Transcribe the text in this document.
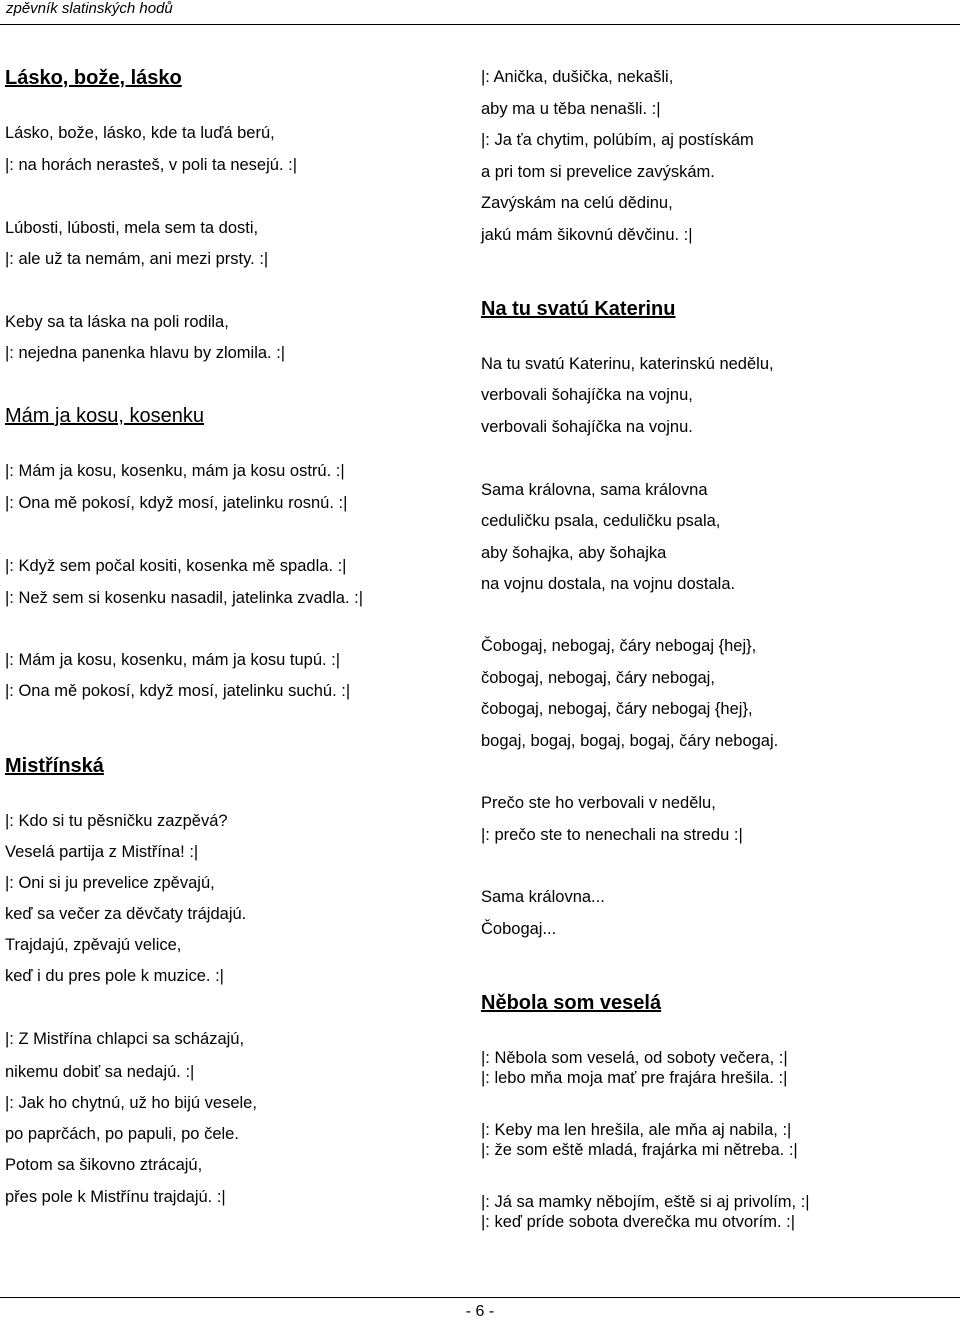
zpěvník slatinských hodů
Lásko, bože, lásko
Lásko, bože, lásko, kde ta luďá berú,
|: na horách nerasteš, v poli ta nesejú. :|
Lúbosti, lúbosti, mela sem ta dosti,
|: ale už ta nemám, ani mezi prsty. :|
Keby sa ta láska na poli rodila,
|: nejedna panenka hlavu by zlomila. :|
Mám ja kosu, kosenku
|: Mám ja kosu, kosenku, mám ja kosu ostrú. :|
|: Ona mě pokosí, když mosí, jatelinku rosnú. :|
|: Když sem počal kositi, kosenka mě spadla. :|
|: Než sem si kosenku nasadil, jatelinka zvadla. :|
|: Mám ja kosu, kosenku, mám ja kosu tupú. :|
|: Ona mě pokosí, když mosí, jatelinku suchú. :|
Mistřínská
|: Kdo si tu pěsničku zazpěvá?
Veselá partija z Mistřína! :|
|: Oni si ju prevelice zpěvajú,
keď sa večer za děvčaty trájdajú.
Trajdajú, zpěvajú velice,
keď i du pres pole k muzice. :|
|: Z Mistřína chlapci sa scházajú,
nikemu dobiť sa nedajú. :|
|: Jak ho chytnú, už ho bijú vesele,
po paprčách, po papuli, po čele.
Potom sa šikovno ztrácajú,
přes pole k Mistřínu trajdajú. :|
|: Anička, dušička, nekašli,
aby ma u těba nenašli. :|
|: Ja ťa chytim, polúbím, aj postískám
a pri tom si prevelice zavýskám.
Zavýskám na celú dědinu,
jakú mám šikovnú děvčinu. :|
Na tu svatú Katerinu
Na tu svatú Katerinu, katerinskú nedělu,
verbovali šohajíčka na vojnu,
verbovali šohajíčka na vojnu.
Sama královna, sama královna
ceduličku psala, ceduličku psala,
aby šohajka, aby šohajka
na vojnu dostala, na vojnu dostala.
Čobogaj, nebogaj, čáry nebogaj {hej},
čobogaj, nebogaj, čáry nebogaj,
čobogaj, nebogaj, čáry nebogaj {hej},
bogaj, bogaj, bogaj, bogaj, čáry nebogaj.
Prečo ste ho verbovali v nedělu,
|: prečo ste to nenechali na stredu :|
Sama královna...
Čobogaj...
Něbola som veselá
|: Něbola som veselá, od soboty večera, :|
|: lebo mňa moja mať pre frajára hrešila. :|
|: Keby ma len hrešila, ale mňa aj nabila, :|
|: že som eště mladá, frajárka mi nětreba. :|
|: Já sa mamky něbojím, eště si aj privolím, :|
|: keď príde sobota dverečka mu otvorím. :|
- 6 -
